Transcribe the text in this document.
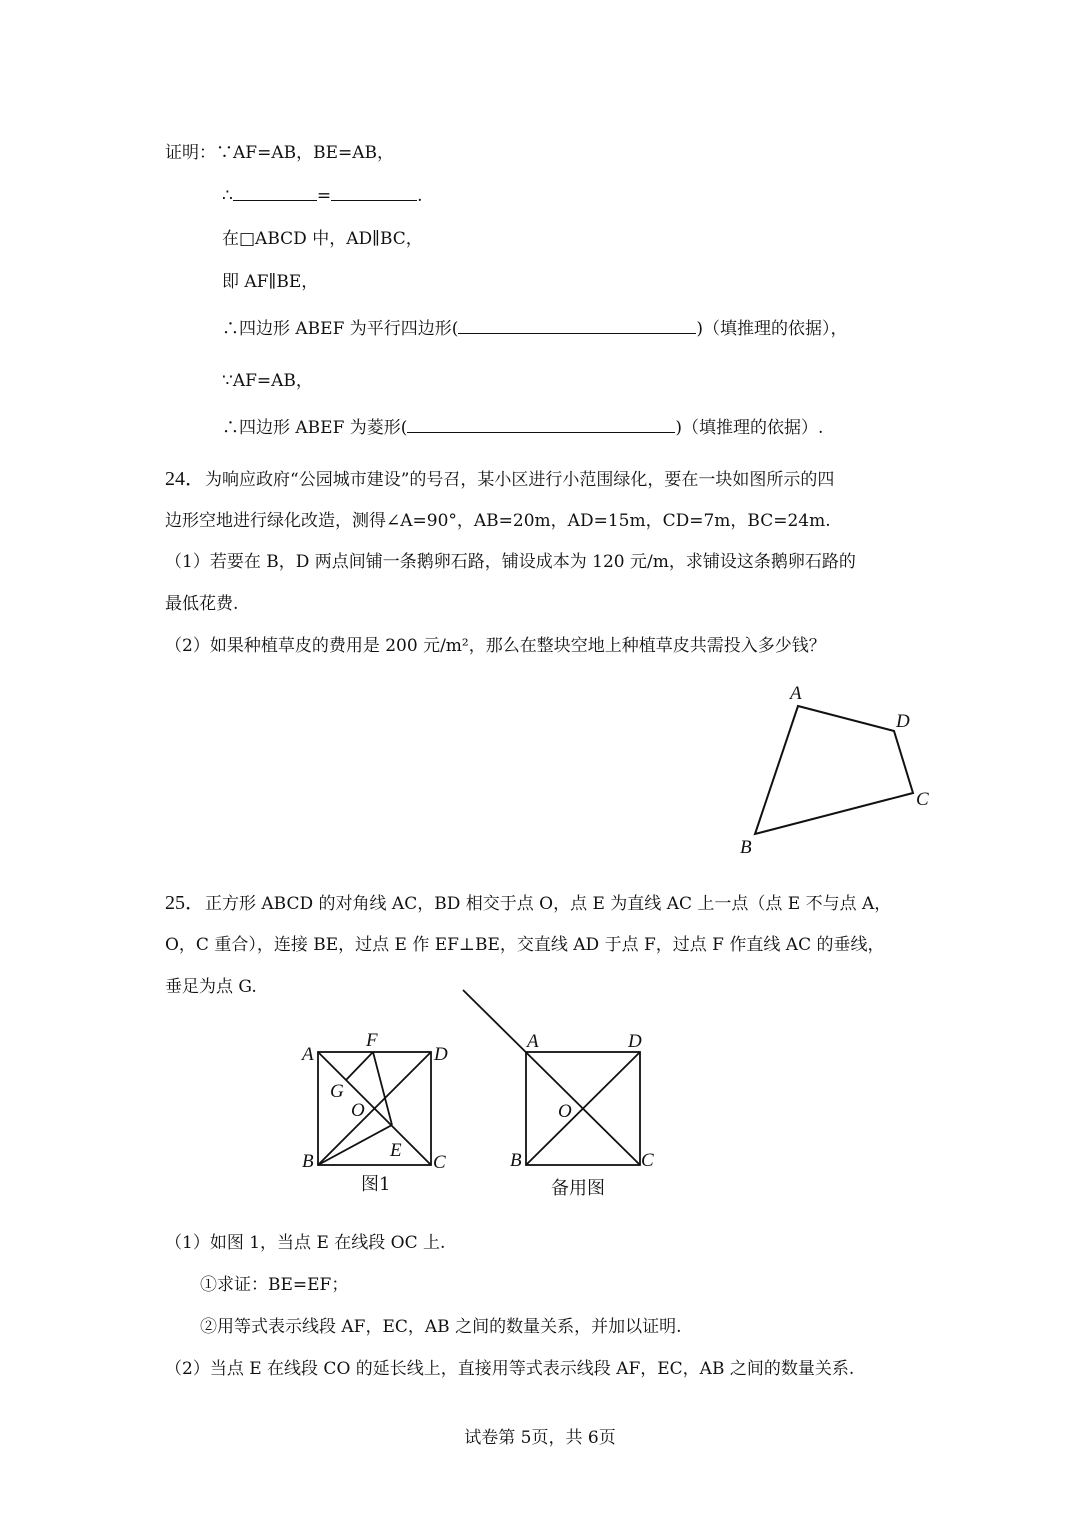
证明：∵AF=AB，BE=AB，
∴	=	.
在□ABCD 中，AD∥BC，
即 AF∥BE，
∴四边形 ABEF 为平行四边形(	)（填推理的依据），
∵AF=AB，
∴四边形 ABEF 为菱形(	)（填推理的依据）.
24．为响应政府“公园城市建设”的号召，某小区进行小范围绿化，要在一块如图所示的四
边形空地进行绿化改造，测得∠A=90°，AB=20m，AD=15m，CD=7m，BC=24m.
（1）若要在 B，D 两点间铺一条鹅卵石路，铺设成本为 120 元/m，求铺设这条鹅卵石路的
最低花费.
（2）如果种植草皮的费用是 200 元/m²，那么在整块空地上种植草皮共需投入多少钱？
A
D
C
B
25．正方形 ABCD 的对角线 AC，BD 相交于点 O，点 E 为直线 AC 上一点（点 E 不与点 A，
O，C 重合），连接 BE，过点 E 作 EF⊥BE，交直线 AD 于点 F，过点 F 作直线 AC 的垂线，
垂足为点 G.
A
F
D
G
O
E
B	C
图1
A	D
O
B	C
备用图
（1）如图 1，当点 E 在线段 OC 上.
①求证：BE=EF；
②用等式表示线段 AF，EC，AB 之间的数量关系，并加以证明.
（2）当点 E 在线段 CO 的延长线上，直接用等式表示线段 AF，EC，AB 之间的数量关系.
试卷第 5页，共 6页
